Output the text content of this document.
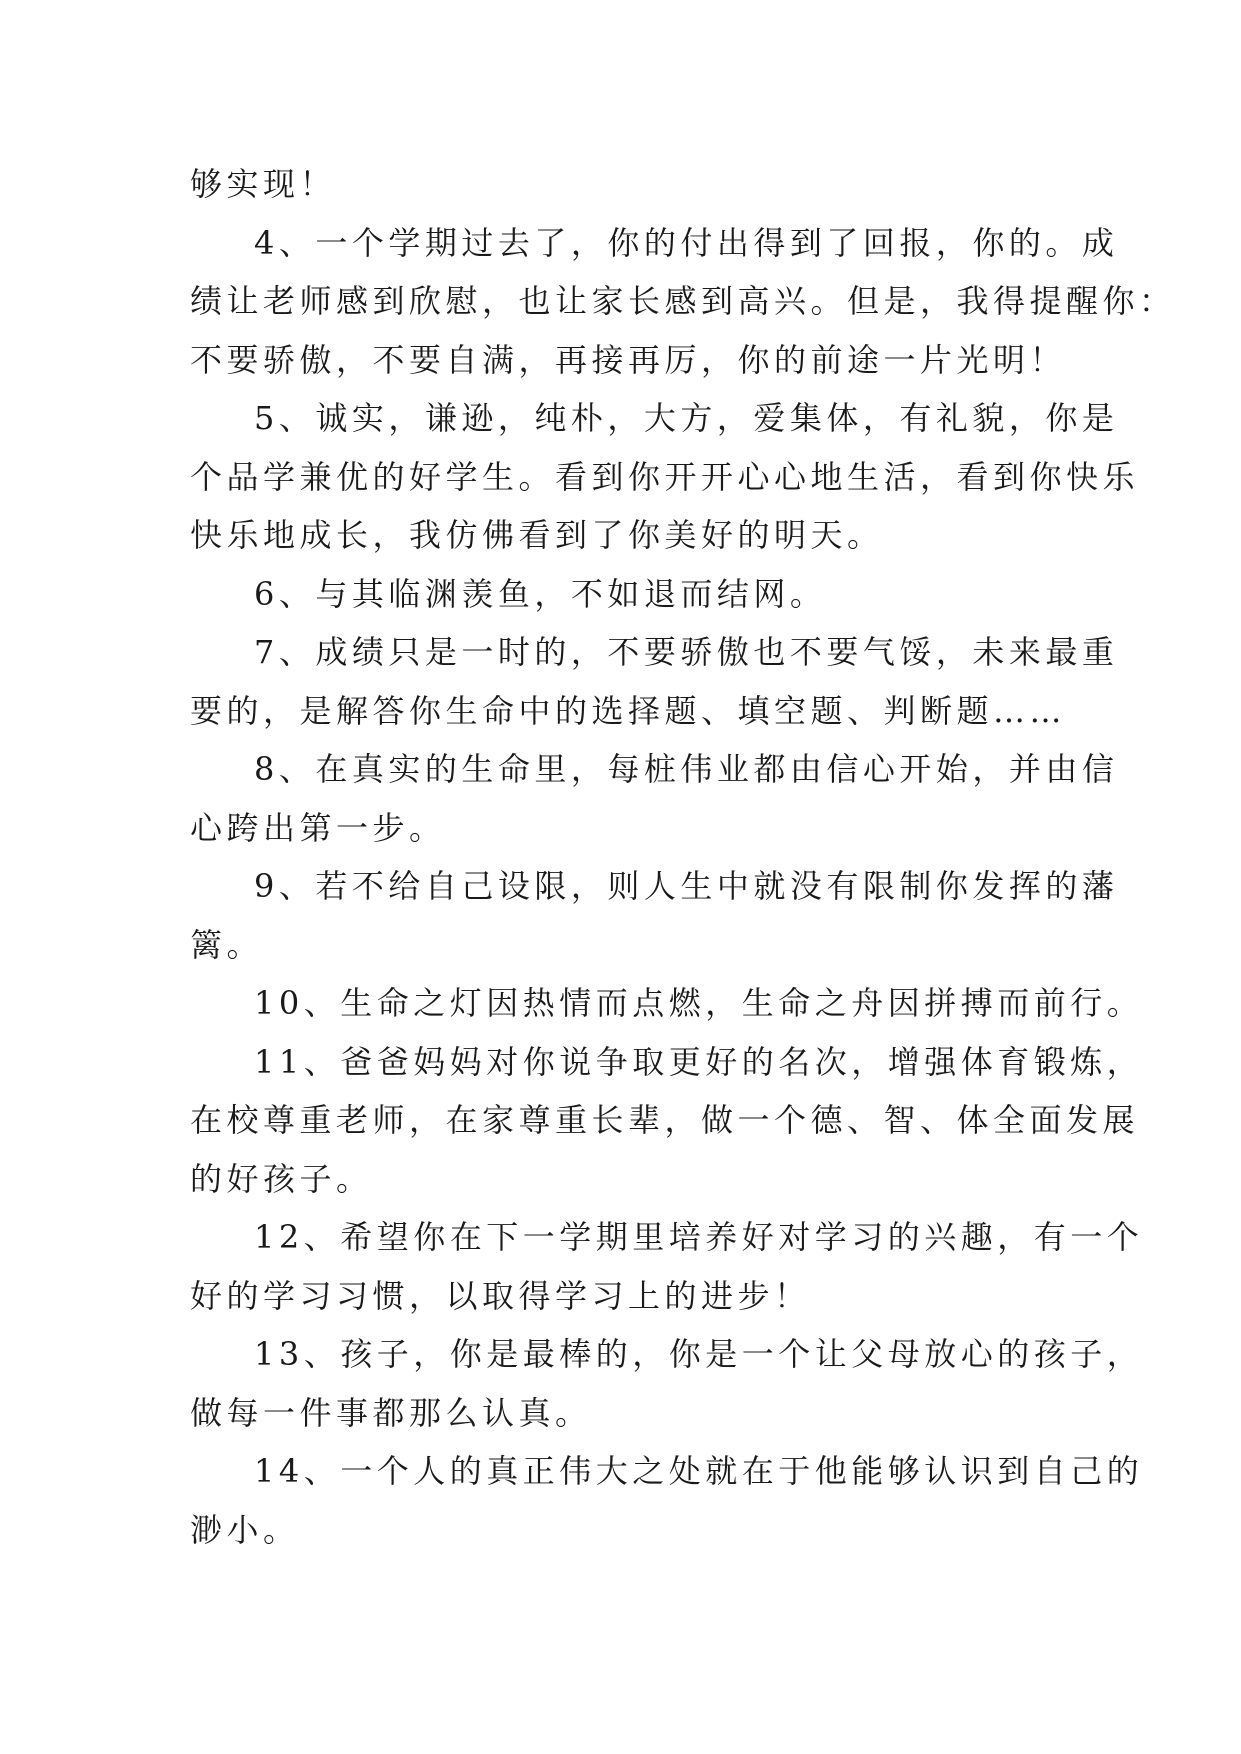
够实现！

4、一个学期过去了，你的付出得到了回报，你的。成
绩让老师感到欣慰，也让家长感到高兴。但是，我得提醒你：
不要骄傲，不要自满，再接再厉，你的前途一片光明！

5、诚实，谦逊，纯朴，大方，爱集体，有礼貌，你是
个品学兼优的好学生。看到你开开心心地生活，看到你快乐
快乐地成长，我仿佛看到了你美好的明天。

6、与其临渊羡鱼，不如退而结网。

7、成绩只是一时的，不要骄傲也不要气馁，未来最重
要的，是解答你生命中的选择题、填空题、判断题……

8、在真实的生命里，每桩伟业都由信心开始，并由信
心跨出第一步。

9、若不给自己设限，则人生中就没有限制你发挥的藩
篱。

10、生命之灯因热情而点燃，生命之舟因拼搏而前行。

11、爸爸妈妈对你说争取更好的名次，增强体育锻炼，
在校尊重老师，在家尊重长辈，做一个德、智、体全面发展
的好孩子。

12、希望你在下一学期里培养好对学习的兴趣，有一个
好的学习习惯，以取得学习上的进步！

13、孩子，你是最棒的，你是一个让父母放心的孩子，
做每一件事都那么认真。

14、一个人的真正伟大之处就在于他能够认识到自己的
渺小。
